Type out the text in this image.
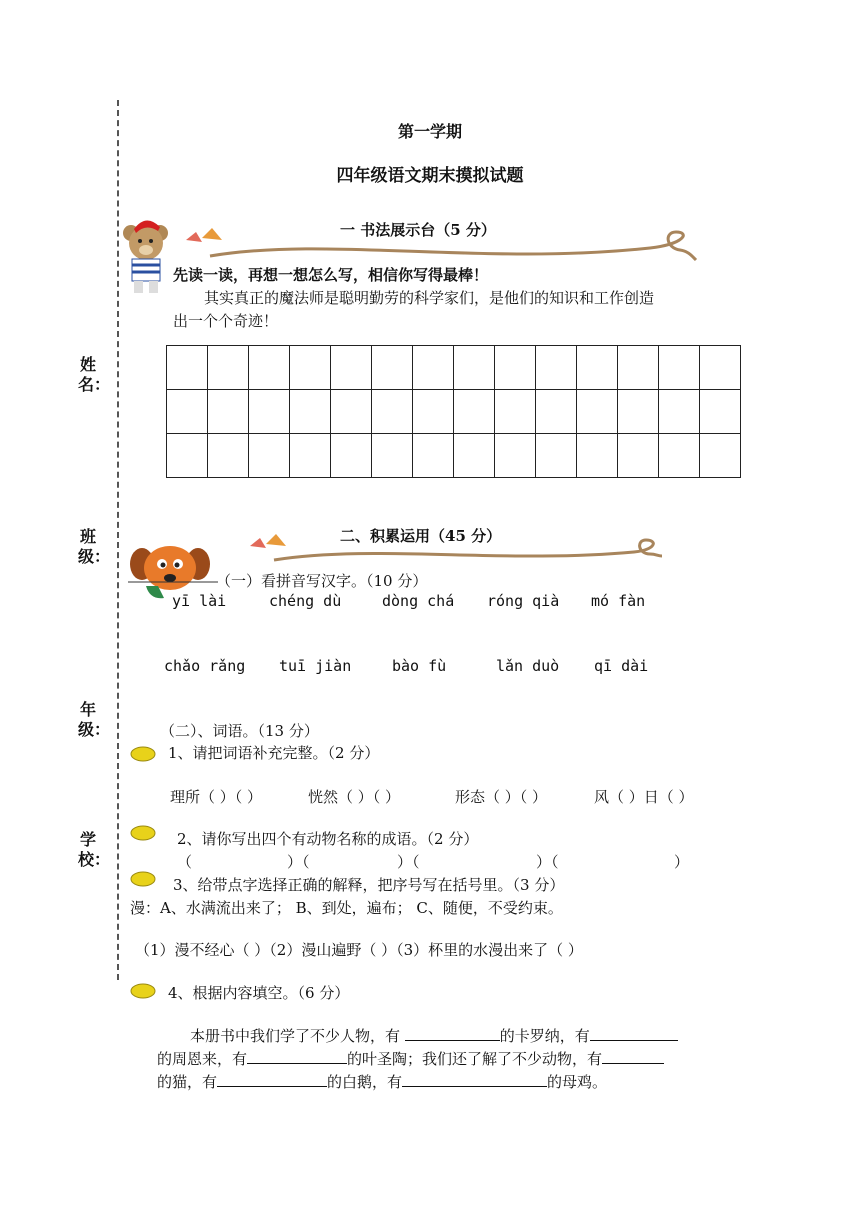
姓名：
班级：
年级：
学校：
第一学期
四年级语文期末摸拟试题
一 书法展示台（5 分）
先读一读，再想一想怎么写，相信你写得最棒！
其实真正的魔法师是聪明勤劳的科学家们，是他们的知识和工作创造
出一个个奇迹！

二、积累运用（45 分）
（一）看拼音写汉字。（10 分）
yī lài	chéng dù	dòng chá róng qià mó fàn
chǎo rǎng tuī jiàn	bào fù	lǎn duò qī dài
（二）、词语。（13 分）
1、请把词语补充完整。（2 分）
理所（ ）（ ）	恍然（ ）（ ）	形态（ ）（ ）	风（ ）日（ ）
2、请你写出四个有动物名称的成语。（2 分）
（	）（	）（	）（	）
3、给带点字选择正确的解释，把序号写在括号里。（3 分）
漫：A、水满流出来了； B、到处，遍布； C、随便，不受约束。
（1）漫不经心（ ）（2）漫山遍野（ ）（3）杯里的水漫出来了（ ）
4、根据内容填空。（6 分）
本册书中我们学了不少人物，有	的卡罗纳，有
的周恩来，有	的叶圣陶；我们还了解了不少动物，有
的猫，有	的白鹅，有	的母鸡。
